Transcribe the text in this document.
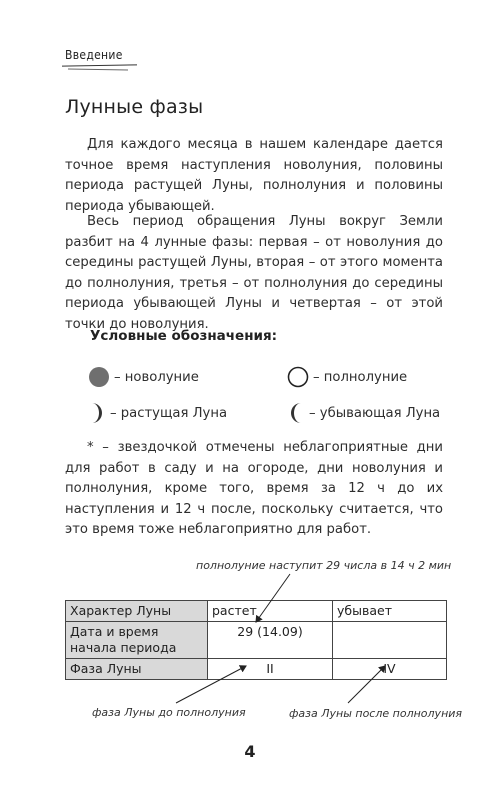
Введение
Лунные фазы
Для каждого месяца в нашем календаре дается точное время наступления новолуния, половины периода растущей Луны, полнолуния и половины периода убывающей.
Весь период обращения Луны вокруг Земли разбит на 4 лунные фазы: первая – от новолуния до середины растущей Луны, вторая – от этого момента до полнолуния, третья – от полнолуния до середины периода убывающей Луны и четвертая – от этой точки до новолуния.
Условные обозначения:
– новолуние	– полнолуние
– растущая Луна	– убывающая Луна
* – звездочкой отмечены неблагоприятные дни для работ в саду и на огороде, дни новолуния и полнолуния, кроме того, время за 12 ч до их наступления и 12 ч после, поскольку считается, что это время тоже неблагоприятно для работ.
полнолуние наступит 29 числа в 14 ч 2 мин
Характер Луны	растет	убывает
Дата и время начала периода	29 (14.09)	
Фаза Луны	II	IV
фаза Луны до полнолуния	фаза Луны после полнолуния
4
